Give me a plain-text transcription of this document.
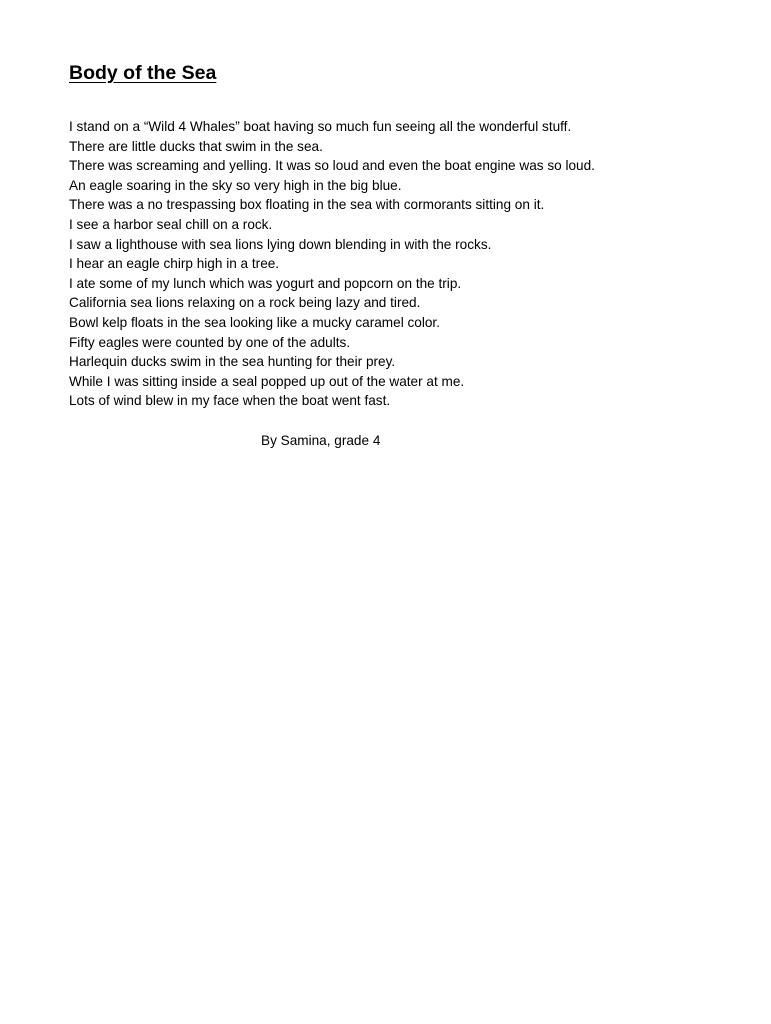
Body of the Sea
I stand on a “Wild 4 Whales” boat having so much fun seeing all the wonderful stuff.
There are little ducks that swim in the sea.
There was screaming and yelling. It was so loud and even the boat engine was so loud.
An eagle soaring in the sky so very high in the big blue.
There was a no trespassing box floating in the sea with cormorants sitting on it.
I see a harbor seal chill on a rock.
I saw a lighthouse with sea lions lying down blending in with the rocks.
I hear an eagle chirp high in a tree.
I ate some of my lunch which was yogurt and popcorn on the trip.
California sea lions relaxing on a rock being lazy and tired.
Bowl kelp floats in the sea looking like a mucky caramel color.
Fifty eagles were counted by one of the adults.
Harlequin ducks swim in the sea hunting for their prey.
While I was sitting inside a seal popped up out of the water at me.
Lots of wind blew in my face when the boat went fast.

By Samina, grade 4
